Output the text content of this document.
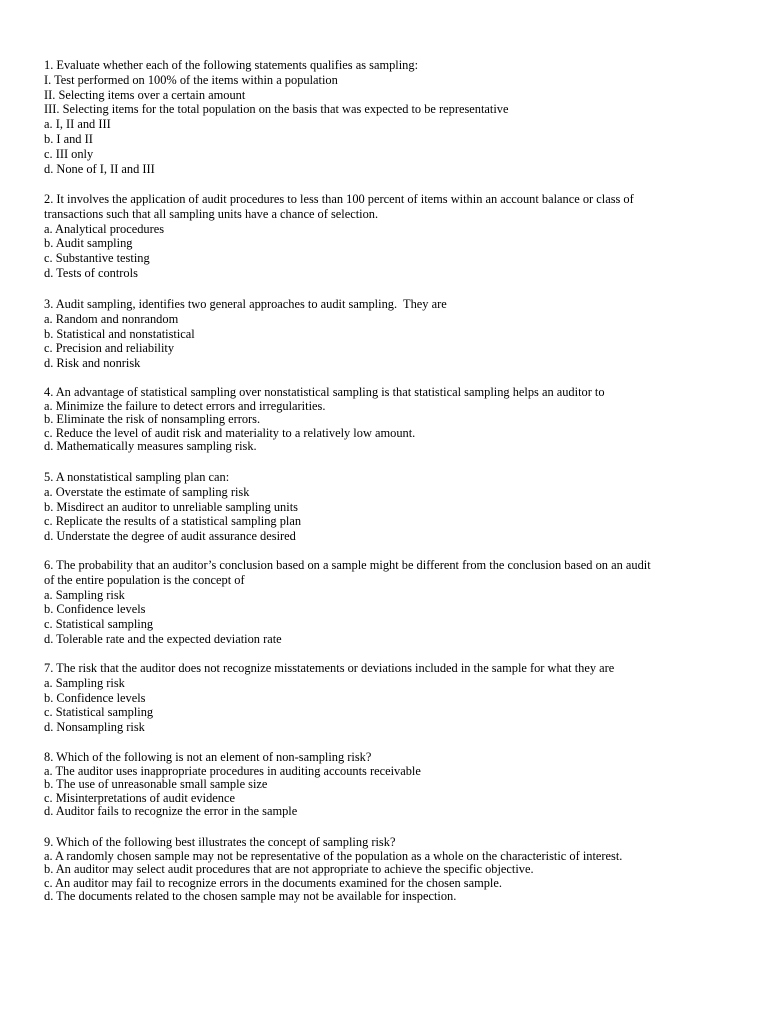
1. Evaluate whether each of the following statements qualifies as sampling:
I. Test performed on 100% of the items within a population
II. Selecting items over a certain amount
III. Selecting items for the total population on the basis that was expected to be representative
a. I, II and III
b. I and II
c. III only
d. None of I, II and III
2. It involves the application of audit procedures to less than 100 percent of items within an account balance or class of
transactions such that all sampling units have a chance of selection.
a. Analytical procedures
b. Audit sampling
c. Substantive testing
d. Tests of controls
3. Audit sampling, identifies two general approaches to audit sampling.  They are
a. Random and nonrandom
b. Statistical and nonstatistical
c. Precision and reliability
d. Risk and nonrisk
4. An advantage of statistical sampling over nonstatistical sampling is that statistical sampling helps an auditor to
a. Minimize the failure to detect errors and irregularities.
b. Eliminate the risk of nonsampling errors.
c. Reduce the level of audit risk and materiality to a relatively low amount.
d. Mathematically measures sampling risk.
5. A nonstatistical sampling plan can:
a. Overstate the estimate of sampling risk
b. Misdirect an auditor to unreliable sampling units
c. Replicate the results of a statistical sampling plan
d. Understate the degree of audit assurance desired
6. The probability that an auditor’s conclusion based on a sample might be different from the conclusion based on an audit
of the entire population is the concept of
a. Sampling risk
b. Confidence levels
c. Statistical sampling
d. Tolerable rate and the expected deviation rate
7. The risk that the auditor does not recognize misstatements or deviations included in the sample for what they are
a. Sampling risk
b. Confidence levels
c. Statistical sampling
d. Nonsampling risk
8. Which of the following is not an element of non-sampling risk?
a. The auditor uses inappropriate procedures in auditing accounts receivable
b. The use of unreasonable small sample size
c. Misinterpretations of audit evidence
d. Auditor fails to recognize the error in the sample
9. Which of the following best illustrates the concept of sampling risk?
a. A randomly chosen sample may not be representative of the population as a whole on the characteristic of interest.
b. An auditor may select audit procedures that are not appropriate to achieve the specific objective.
c. An auditor may fail to recognize errors in the documents examined for the chosen sample.
d. The documents related to the chosen sample may not be available for inspection.
